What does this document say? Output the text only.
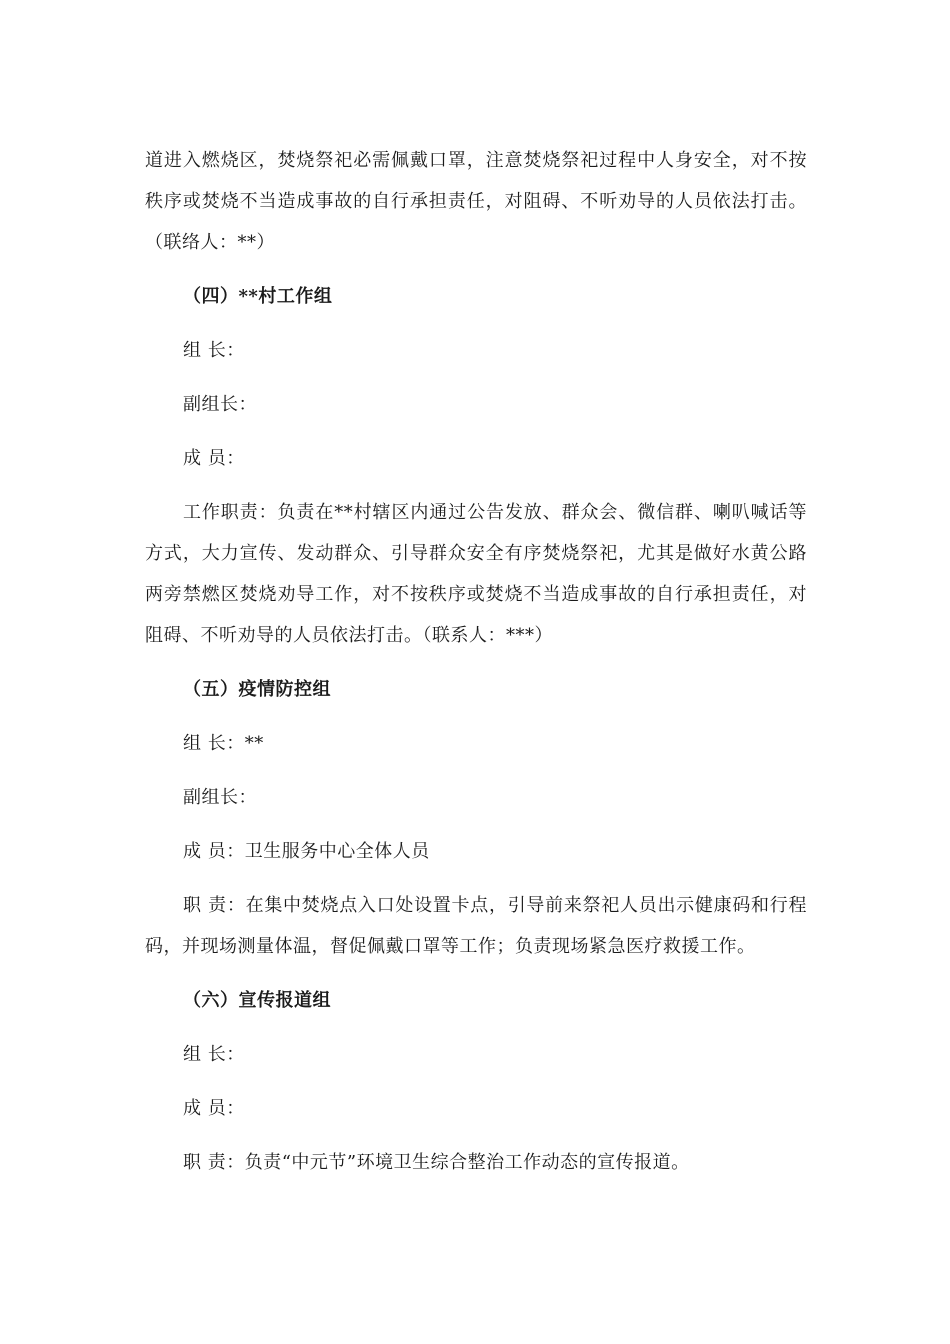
道进入燃烧区，焚烧祭祀必需佩戴口罩，注意焚烧祭祀过程中人身安全，对不按秩序或焚烧不当造成事故的自行承担责任，对阻碍、不听劝导的人员依法打击。（联络人：**）

（四）**村工作组

组 长：

副组长：

成 员：

工作职责：负责在**村辖区内通过公告发放、群众会、微信群、喇叭喊话等方式，大力宣传、发动群众、引导群众安全有序焚烧祭祀，尤其是做好水黄公路两旁禁燃区焚烧劝导工作，对不按秩序或焚烧不当造成事故的自行承担责任，对阻碍、不听劝导的人员依法打击。（联系人：***）

（五）疫情防控组

组 长：**

副组长：

成 员：卫生服务中心全体人员

职 责：在集中焚烧点入口处设置卡点，引导前来祭祀人员出示健康码和行程码，并现场测量体温，督促佩戴口罩等工作；负责现场紧急医疗救援工作。

（六）宣传报道组

组 长：

成 员：

职 责：负责“中元节”环境卫生综合整治工作动态的宣传报道。
